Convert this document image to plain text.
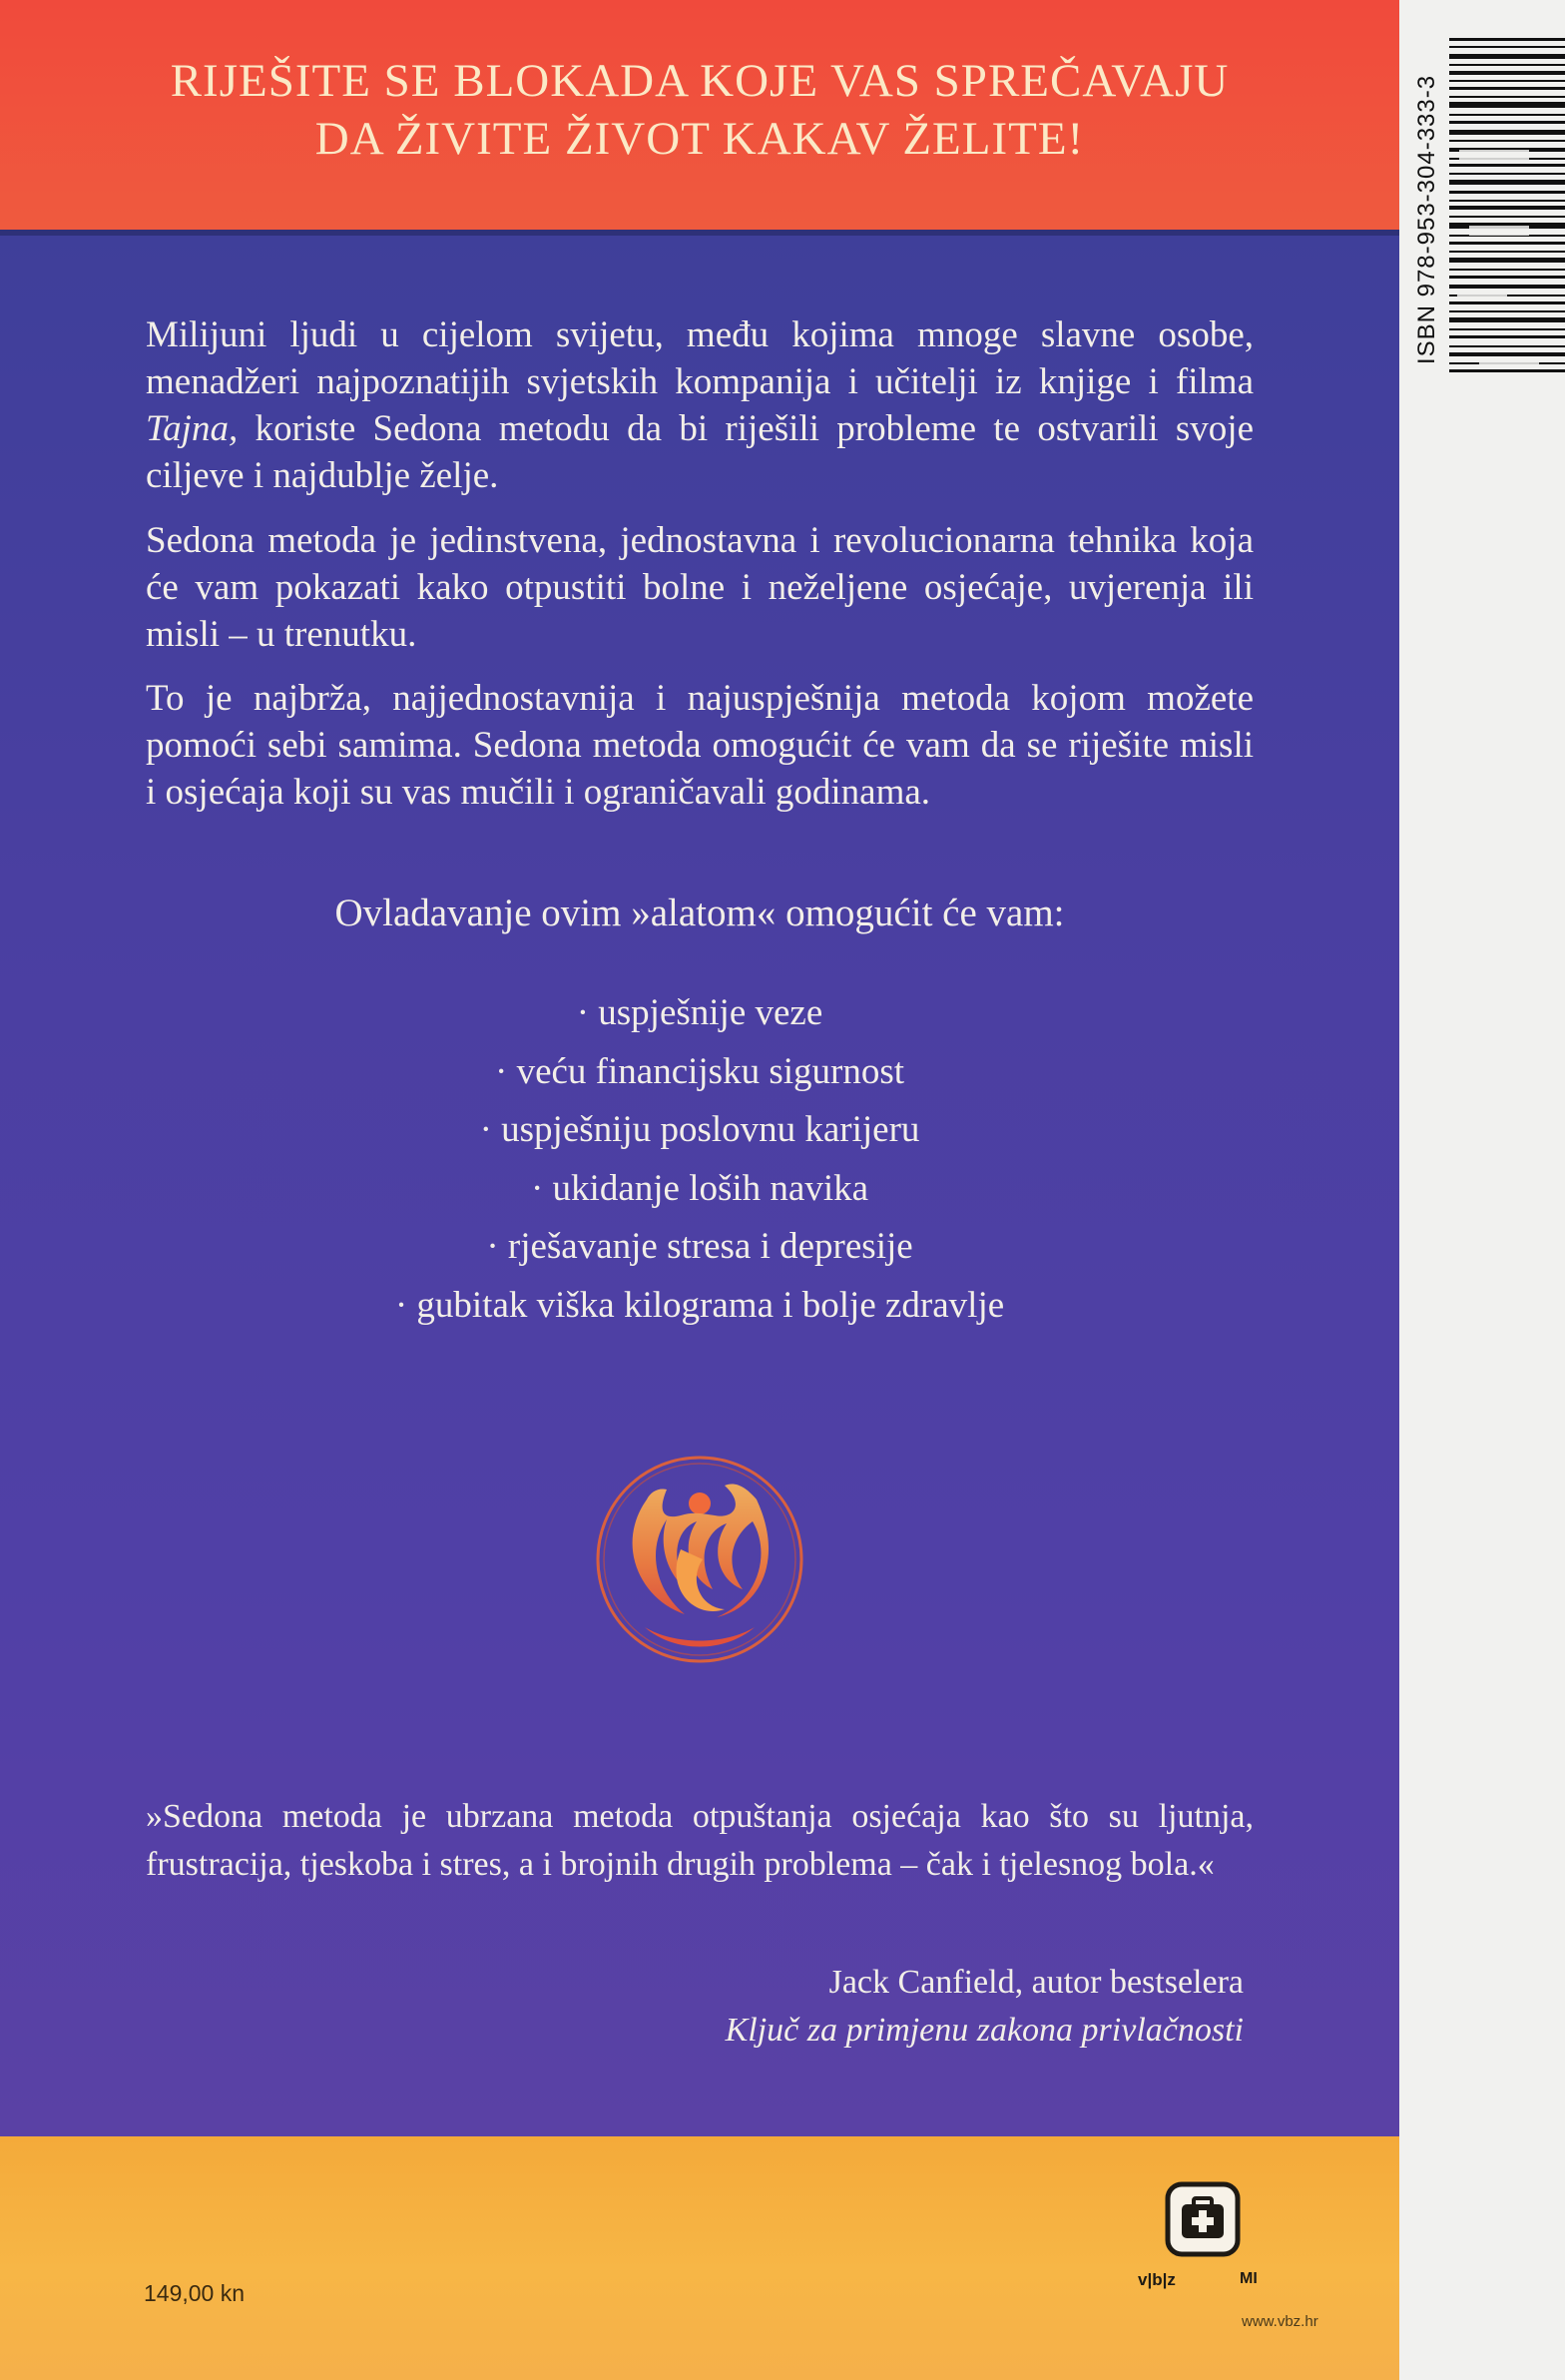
RIJEŠITE SE BLOKADA KOJE VAS SPREČAVAJU
DA ŽIVITE ŽIVOT KAKAV ŽELITE!

Milijuni ljudi u cijelom svijetu, među kojima mnoge slavne osobe, menadžeri najpoznatijih svjetskih kompanija i učitelji iz knjige i filma Tajna, koriste Sedona metodu da bi riješili probleme te ostvarili svoje ciljeve i najdublje želje.

Sedona metoda je jedinstvena, jednostavna i revolucionarna tehnika koja će vam pokazati kako otpustiti bolne i neželjene osjećaje, uvjerenja ili misli – u trenutku.

To je najbrža, najjednostavnija i najuspješnija metoda kojom možete pomoći sebi samima. Sedona metoda omogućit će vam da se riješite misli i osjećaja koji su vas mučili i ograničavali godinama.

Ovladavanje ovim »alatom« omogućit će vam:
· uspješnije veze
· veću financijsku sigurnost
· uspješniju poslovnu karijeru
· ukidanje loših navika
· rješavanje stresa i depresije
· gubitak viška kilograma i bolje zdravlje

»Sedona metoda je ubrzana metoda otpuštanja osjećaja kao što su ljutnja, frustracija, tjeskoba i stres, a i brojnih drugih problema – čak i tjelesnog bola.«

Jack Canfield, autor bestselera
Ključ za primjenu zakona privlačnosti
149,00 kn
v|b|z	MI
www.vbz.hr
ISBN 978-953-304-333-3
